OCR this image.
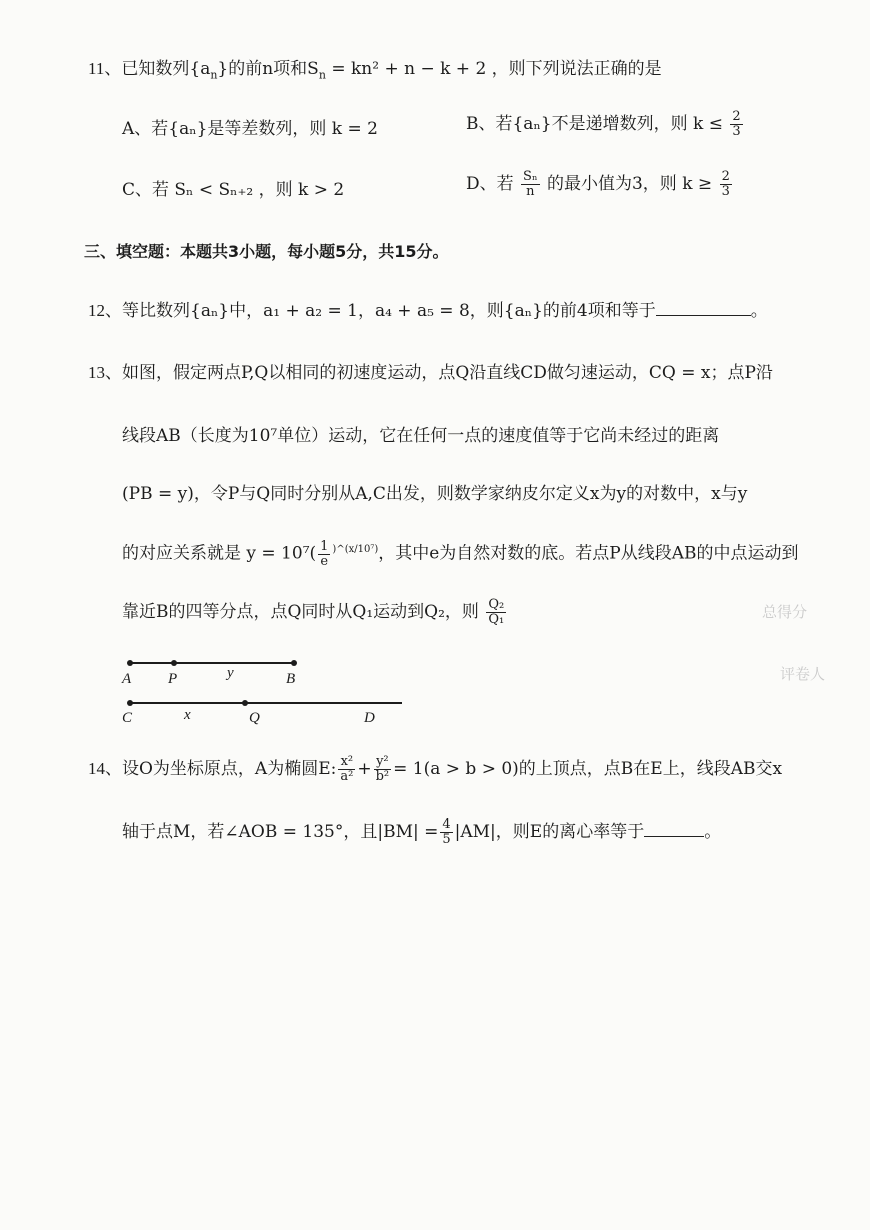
11、已知数列$\{a_n\}$的前n项和$S_n = kn^2 + n - k + 2$ ，则下列说法正确的是
A、若{aₙ}是等差数列，则 k = 2	B、若{aₙ}不是递增数列，则 $k \le \frac{2}{3}$
C、若 Sₙ < Sₙ₊₂ ，则 k > 2	D、若 $\frac{\text{Sₙ}}{n}$ 的最小值为3，则 $k \ge \frac{2}{3}$
三、填空题：本题共3小题，每小题5分，共15分。
12、等比数列{aₙ}中，a₁ + a₂ = 1，a₄ + a₅ = 8，则{aₙ}的前4项和等于	。
13、如图，假定两点P,Q以相同的初速度运动，点Q沿直线CD做匀速运动，CQ = x；点P沿
线段AB（长度为10⁷单位）运动，它在任何一点的速度值等于它尚未经过的距离
(PB = y)，令P与Q同时分别从A,C出发，则数学家纳皮尔定义x为y的对数中，x与y
的对应关系就是 $y = 10^7( \frac{1}{e} ^{)\^{}(x/10^7)}$，其中e为自然对数的底。若点P从线段AB的中点运动到
靠近B的四等分点，点Q同时从Q₁运动到Q₂，则 $\frac{\text{Q₂}}{\text{Q₁}}$	总得分
评卷人
A P	y	B
C	x	Q	D
14、设O为坐标原点，A为椭圆E: $\frac{\text{x²}}{\text{a²}} + \frac{\text{y²}}{\text{b²}} = 1(a > b > 0)$的上顶点，点B在E上，线段AB交x
轴于点M，若∠AOB = 135°，且$|BM| = \frac{4}{5} |AM|$，则E的离心率等于	。
